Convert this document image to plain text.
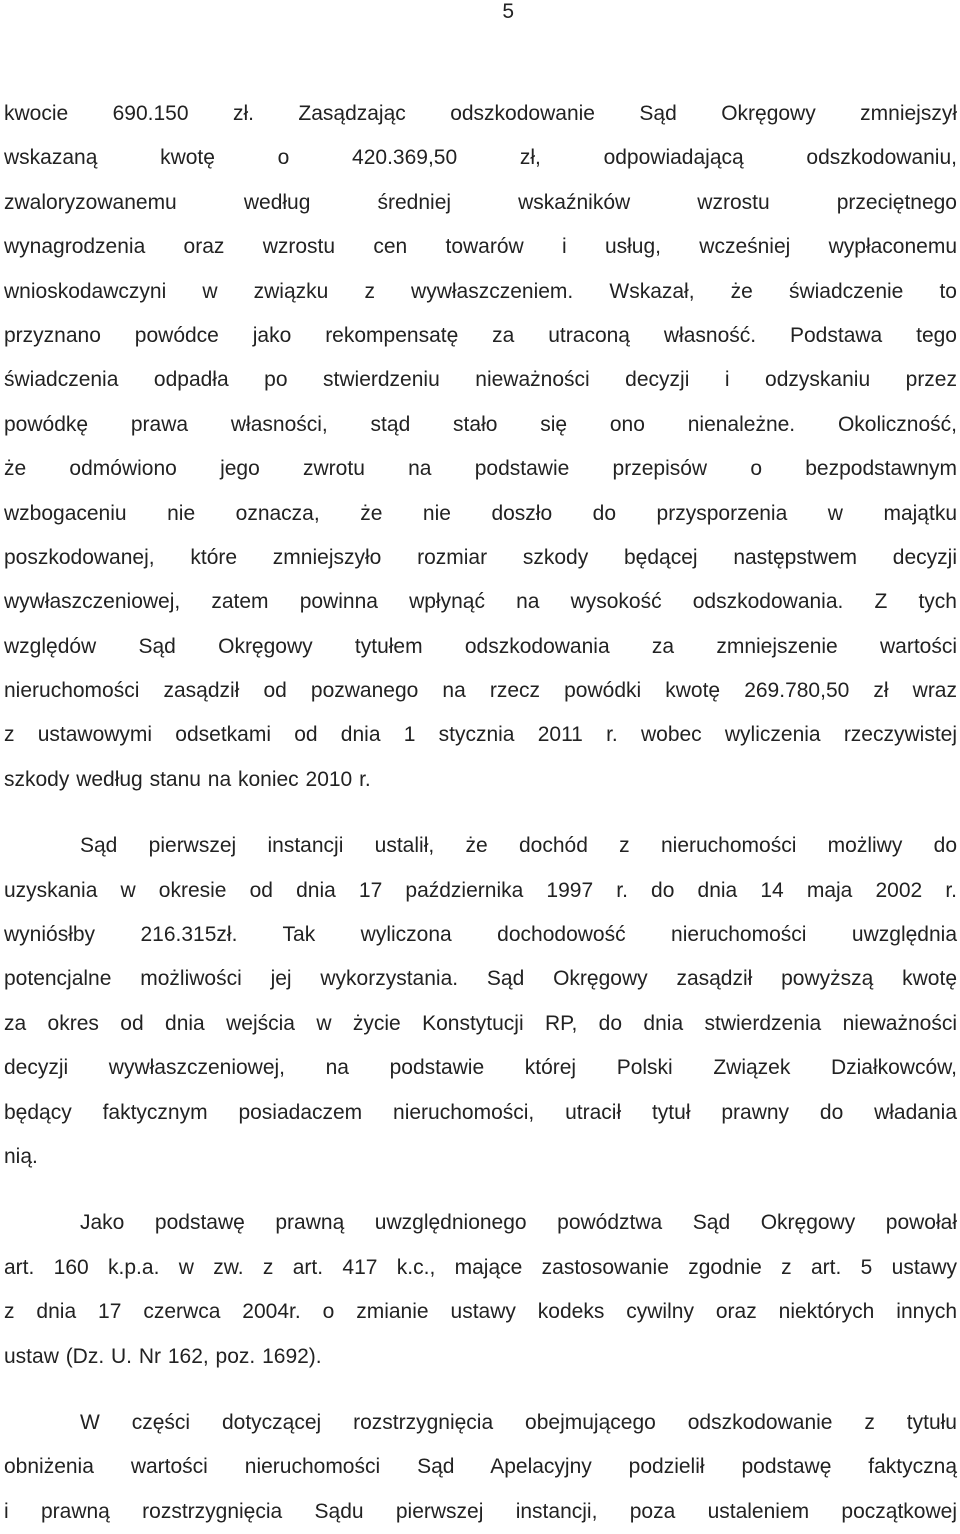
5
kwocie 690.150 zł. Zasądzając odszkodowanie Sąd Okręgowy zmniejszył
wskazaną kwotę o 420.369,50 zł, odpowiadającą odszkodowaniu,
zwaloryzowanemu według średniej wskaźników wzrostu przeciętnego
wynagrodzenia oraz wzrostu cen towarów i usług, wcześniej wypłaconemu
wnioskodawczyni w związku z wywłaszczeniem. Wskazał, że świadczenie to
przyznano powódce jako rekompensatę za utraconą własność. Podstawa tego
świadczenia odpadła po stwierdzeniu nieważności decyzji i odzyskaniu przez
powódkę prawa własności, stąd stało się ono nienależne. Okoliczność,
że odmówiono jego zwrotu na podstawie przepisów o bezpodstawnym
wzbogaceniu nie oznacza, że nie doszło do przysporzenia w majątku
poszkodowanej, które zmniejszyło rozmiar szkody będącej następstwem decyzji
wywłaszczeniowej, zatem powinna wpłynąć na wysokość odszkodowania. Z tych
względów Sąd Okręgowy tytułem odszkodowania za zmniejszenie wartości
nieruchomości zasądził od pozwanego na rzecz powódki kwotę 269.780,50 zł wraz
z ustawowymi odsetkami od dnia 1 stycznia 2011 r. wobec wyliczenia rzeczywistej
szkody według stanu na koniec 2010 r.
Sąd pierwszej instancji ustalił, że dochód z nieruchomości możliwy do
uzyskania w okresie od dnia 17 października 1997 r. do dnia 14 maja 2002 r.
wyniósłby 216.315zł. Tak wyliczona dochodowość nieruchomości uwzględnia
potencjalne możliwości jej wykorzystania. Sąd Okręgowy zasądził powyższą kwotę
za okres od dnia wejścia w życie Konstytucji RP, do dnia stwierdzenia nieważności
decyzji wywłaszczeniowej, na podstawie której Polski Związek Działkowców,
będący faktycznym posiadaczem nieruchomości, utracił tytuł prawny do władania
nią.
Jako podstawę prawną uwzględnionego powództwa Sąd Okręgowy powołał
art. 160 k.p.a. w zw. z art. 417 k.c., mające zastosowanie zgodnie z art. 5 ustawy
z dnia 17 czerwca 2004r. o zmianie ustawy kodeks cywilny oraz niektórych innych
ustaw (Dz. U. Nr 162, poz. 1692).
W części dotyczącej rozstrzygnięcia obejmującego odszkodowanie z tytułu
obniżenia wartości nieruchomości Sąd Apelacyjny podzielił podstawę faktyczną
i prawną rozstrzygnięcia Sądu pierwszej instancji, poza ustaleniem początkowej
